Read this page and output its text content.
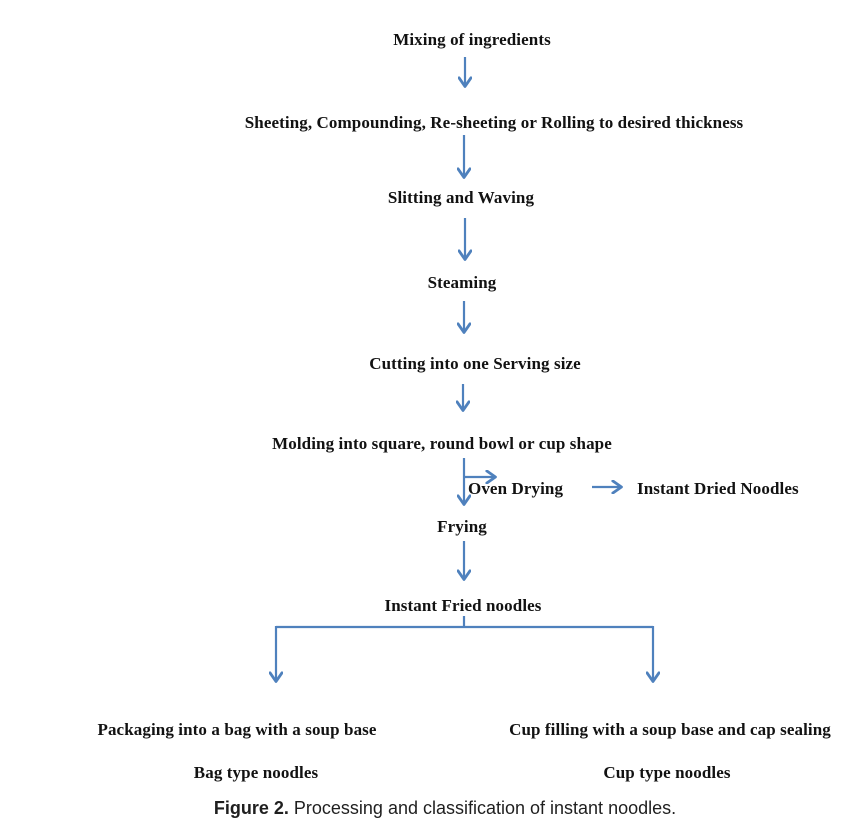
Mixing of ingredients
Sheeting, Compounding, Re-sheeting or Rolling to desired thickness
Slitting and Waving
Steaming
Cutting into one Serving size
Molding into square, round bowl or cup shape
Oven Drying	Instant Dried Noodles
Frying
Instant Fried noodles
Packaging into a bag with a soup base	Cup filling with a soup base and cap sealing
Bag type noodles	Cup type noodles
Figure 2. Processing and classification of instant noodles.
